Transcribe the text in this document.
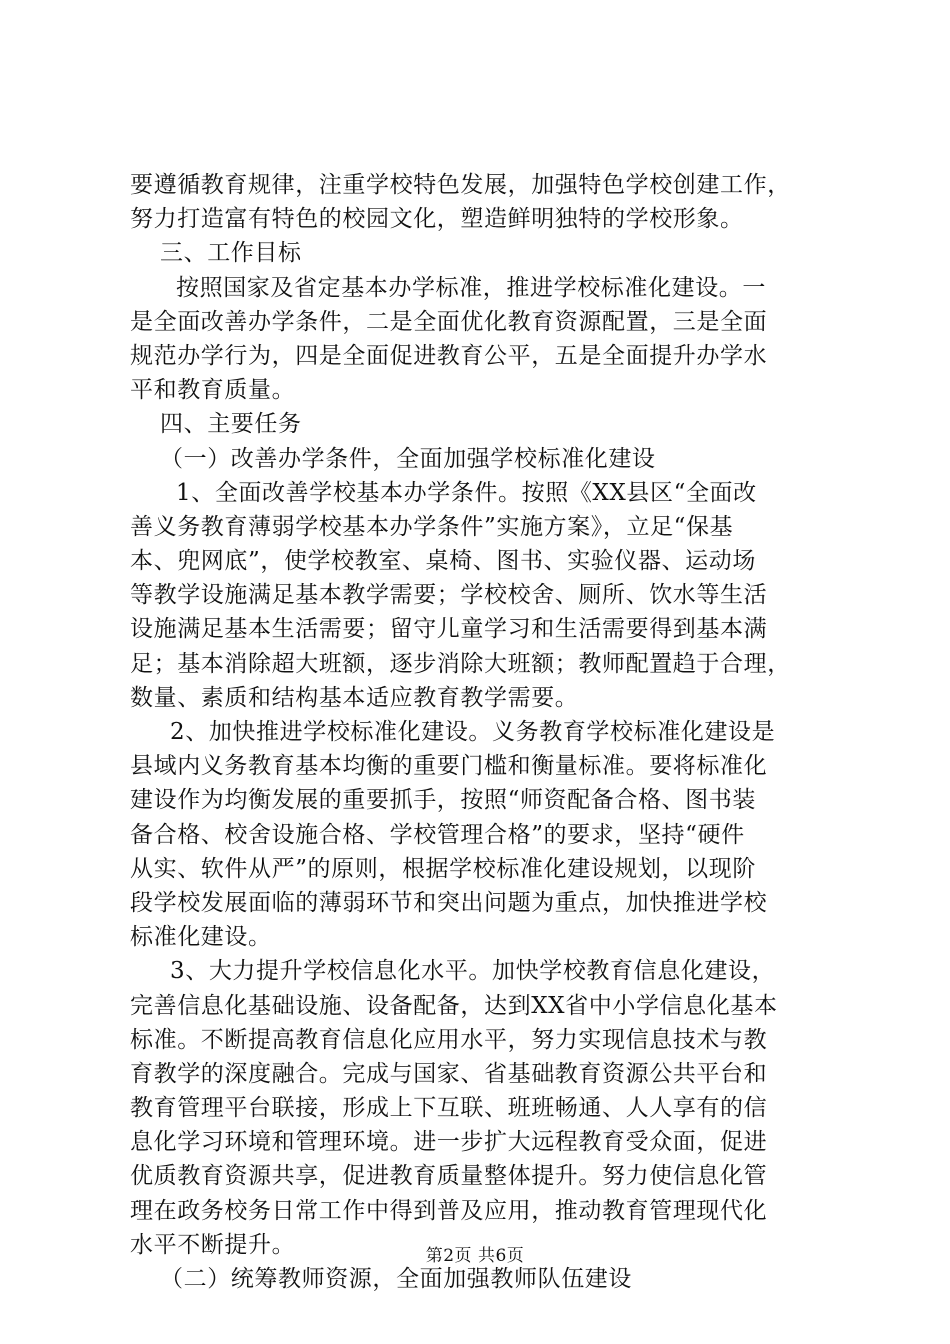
要遵循教育规律，注重学校特色发展，加强特色学校创建工作，
努力打造富有特色的校园文化，塑造鲜明独特的学校形象。
三、工作目标
按照国家及省定基本办学标准，推进学校标准化建设。一
是全面改善办学条件，二是全面优化教育资源配置，三是全面
规范办学行为，四是全面促进教育公平，五是全面提升办学水
平和教育质量。
四、主要任务
（一）改善办学条件，全面加强学校标准化建设
1、全面改善学校基本办学条件。按照《XX县区“全面改
善义务教育薄弱学校基本办学条件”实施方案》，立足“保基
本、兜网底”，使学校教室、桌椅、图书、实验仪器、运动场
等教学设施满足基本教学需要；学校校舍、厕所、饮水等生活
设施满足基本生活需要；留守儿童学习和生活需要得到基本满
足；基本消除超大班额，逐步消除大班额；教师配置趋于合理，
数量、素质和结构基本适应教育教学需要。
2、加快推进学校标准化建设。义务教育学校标准化建设是
县域内义务教育基本均衡的重要门槛和衡量标准。要将标准化
建设作为均衡发展的重要抓手，按照“师资配备合格、图书装
备合格、校舍设施合格、学校管理合格”的要求，坚持“硬件
从实、软件从严”的原则，根据学校标准化建设规划，以现阶
段学校发展面临的薄弱环节和突出问题为重点，加快推进学校
标准化建设。
3、大力提升学校信息化水平。加快学校教育信息化建设，
完善信息化基础设施、设备配备，达到XX省中小学信息化基本
标准。不断提高教育信息化应用水平，努力实现信息技术与教
育教学的深度融合。完成与国家、省基础教育资源公共平台和
教育管理平台联接，形成上下互联、班班畅通、人人享有的信
息化学习环境和管理环境。进一步扩大远程教育受众面，促进
优质教育资源共享，促进教育质量整体提升。努力使信息化管
理在政务校务日常工作中得到普及应用，推动教育管理现代化
水平不断提升。
（二）统筹教师资源，全面加强教师队伍建设
第2页 共6页
